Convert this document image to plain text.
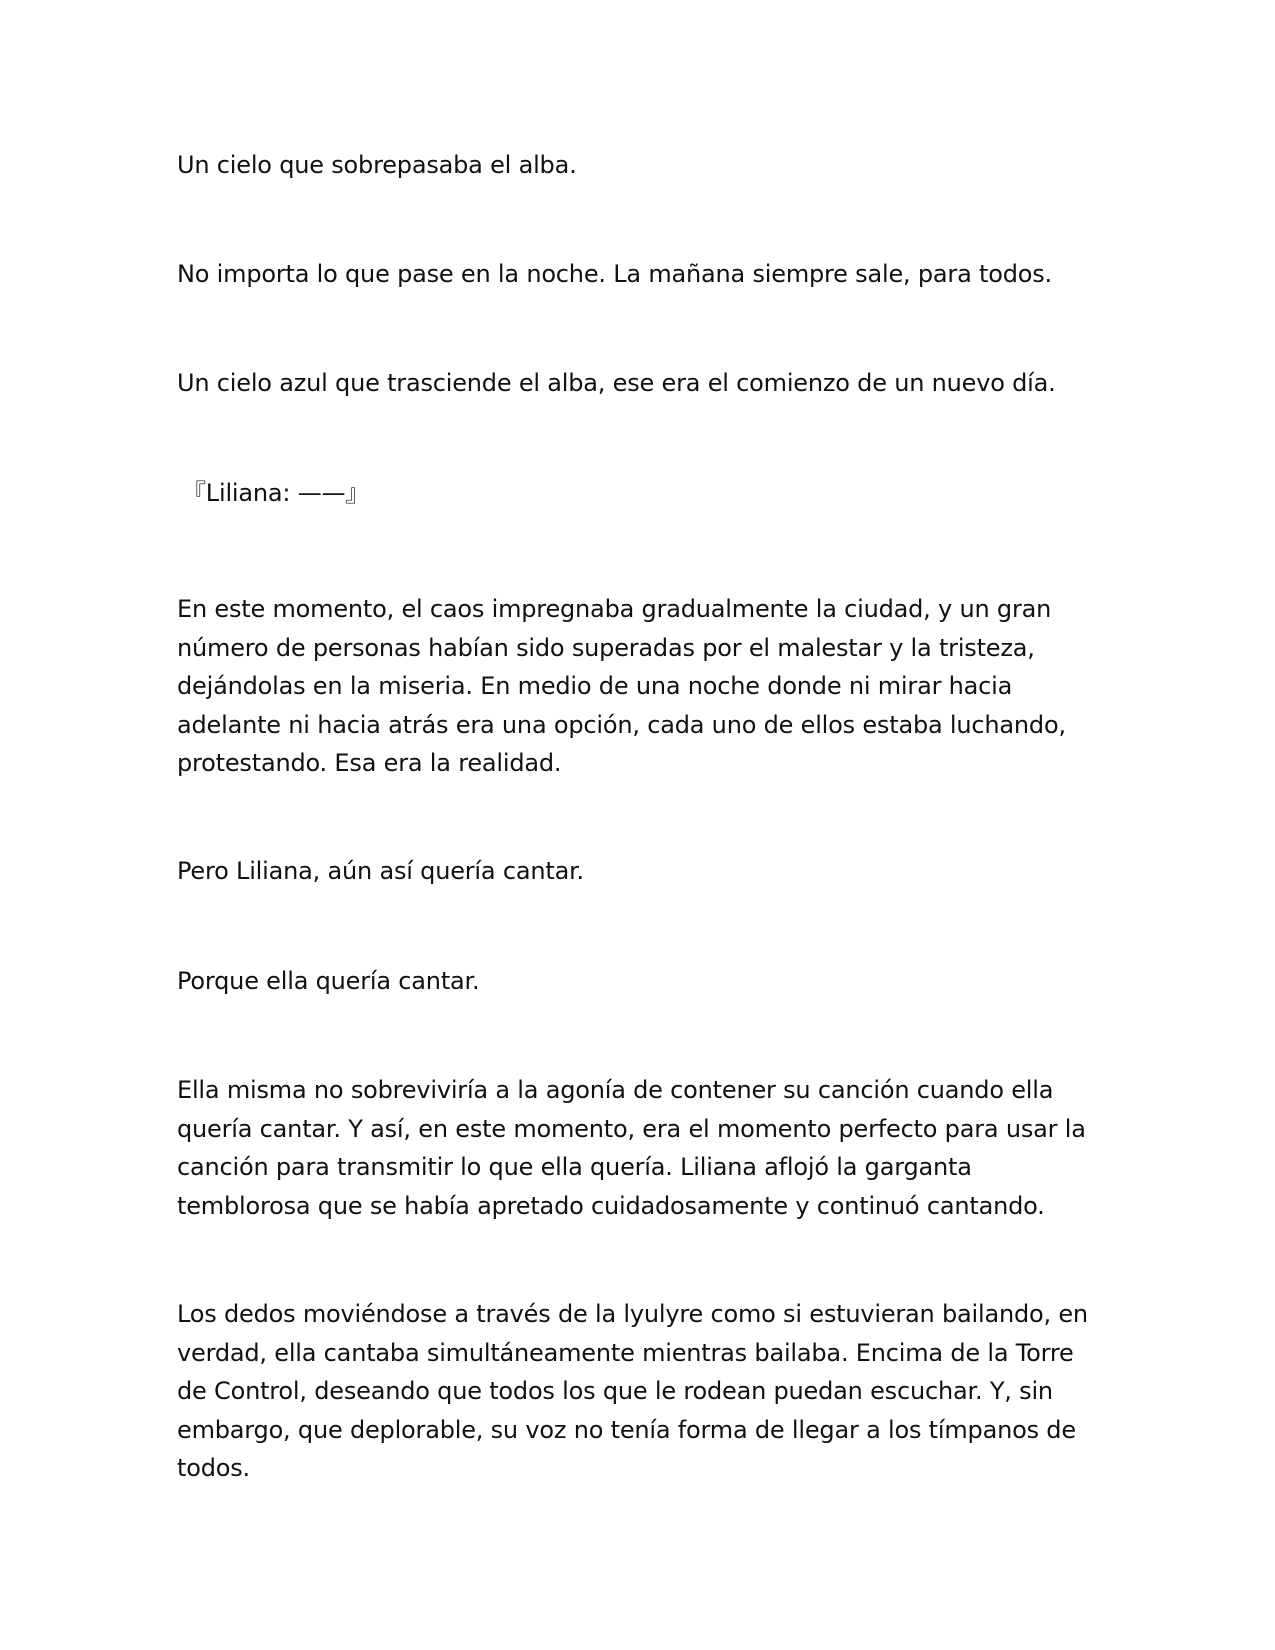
Un cielo que sobrepasaba el alba.

No importa lo que pase en la noche. La mañana siempre sale, para todos.

Un cielo azul que trasciende el alba, ese era el comienzo de un nuevo día.

『Liliana: ——』

En este momento, el caos impregnaba gradualmente la ciudad, y un gran número de personas habían sido superadas por el malestar y la tristeza, dejándolas en la miseria. En medio de una noche donde ni mirar hacia adelante ni hacia atrás era una opción, cada uno de ellos estaba luchando, protestando. Esa era la realidad.

Pero Liliana, aún así quería cantar.

Porque ella quería cantar.

Ella misma no sobreviviría a la agonía de contener su canción cuando ella quería cantar. Y así, en este momento, era el momento perfecto para usar la canción para transmitir lo que ella quería. Liliana aflojó la garganta temblorosa que se había apretado cuidadosamente y continuó cantando.

Los dedos moviéndose a través de la lyulyre como si estuvieran bailando, en verdad, ella cantaba simultáneamente mientras bailaba. Encima de la Torre de Control, deseando que todos los que le rodean puedan escuchar. Y, sin embargo, que deplorable, su voz no tenía forma de llegar a los tímpanos de todos.
